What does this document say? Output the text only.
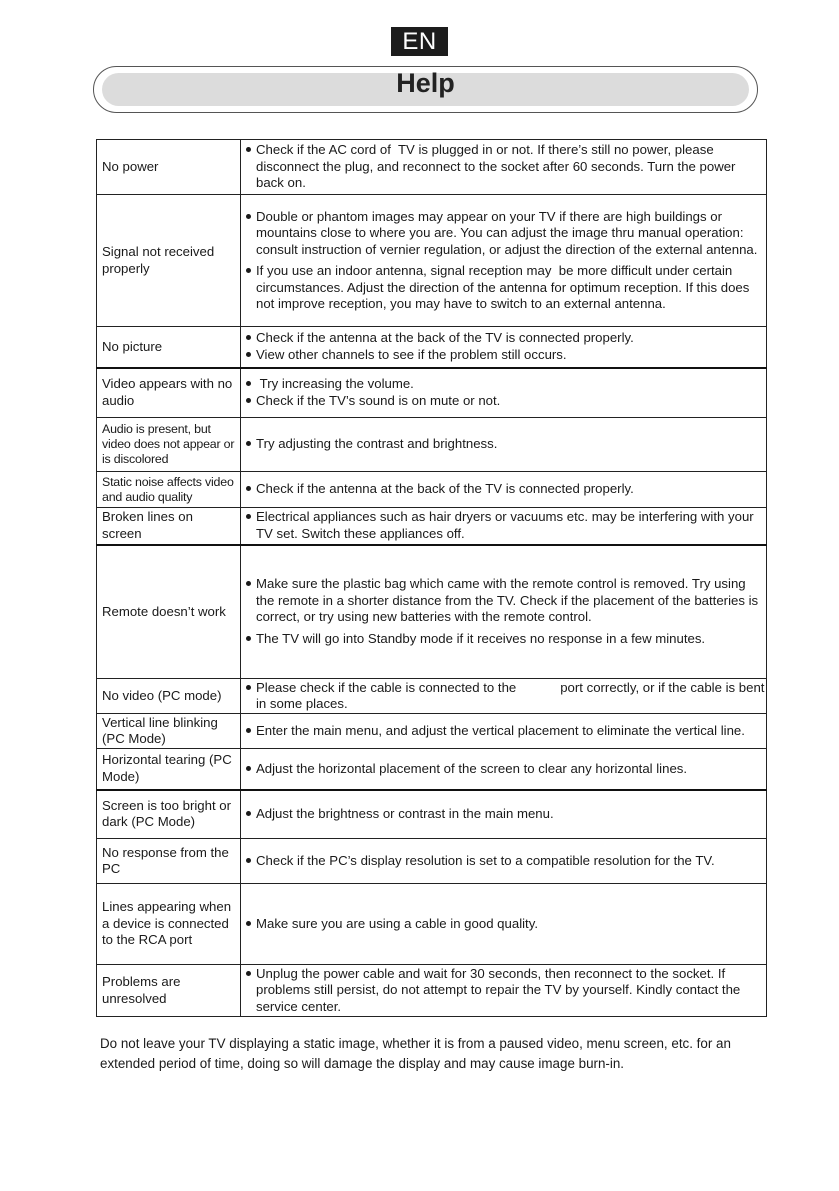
EN
Help
No power	Check if the AC cord of  TV is plugged in or not. If there’s still no power, please disconnect the plug, and reconnect to the socket after 60 seconds. Turn the power back on.

Signal not received properly	Double or phantom images may appear on your TV if there are high buildings or mountains close to where you are. You can adjust the image thru manual operation: consult instruction of vernier regulation, or adjust the direction of the external antenna.
If you use an indoor antenna, signal reception may  be more difficult under certain circumstances. Adjust the direction of the antenna for optimum reception. If this does not improve reception, you may have to switch to an external antenna.

No picture	Check if the antenna at the back of the TV is connected properly.
View other channels to see if the problem still occurs.

Video appears with no audio	Try increasing the volume.
Check if the TV’s sound is on mute or not.

Audio is present, but video does not appear or is discolored	Try adjusting the contrast and brightness.

Static noise affects video and audio quality	Check if the antenna at the back of the TV is connected properly.

Broken lines on screen	Electrical appliances such as hair dryers or vacuums etc. may be interfering with your TV set. Switch these appliances off.

Remote doesn’t work	Make sure the plastic bag which came with the remote control is removed. Try using the remote in a shorter distance from the TV. Check if the placement of the batteries is correct, or try using new batteries with the remote control.
The TV will go into Standby mode if it receives no response in a few minutes.

No video (PC mode)	Please check if the cable is connected to the            port correctly, or if the cable is bent in some places.

Vertical line blinking (PC Mode)	Enter the main menu, and adjust the vertical placement to eliminate the vertical line.

Horizontal tearing (PC Mode)	Adjust the horizontal placement of the screen to clear any horizontal lines.

Screen is too bright or dark (PC Mode)	Adjust the brightness or contrast in the main menu.

No response from the PC	Check if the PC’s display resolution is set to a compatible resolution for the TV.

Lines appearing when a device is connected to the RCA port	Make sure you are using a cable in good quality.

Problems are unresolved	Unplug the power cable and wait for 30 seconds, then reconnect to the socket. If problems still persist, do not attempt to repair the TV by yourself. Kindly contact the service center.
Do not leave your TV displaying a static image, whether it is from a paused video, menu screen, etc. for an extended period of time, doing so will damage the display and may cause image burn-in.
